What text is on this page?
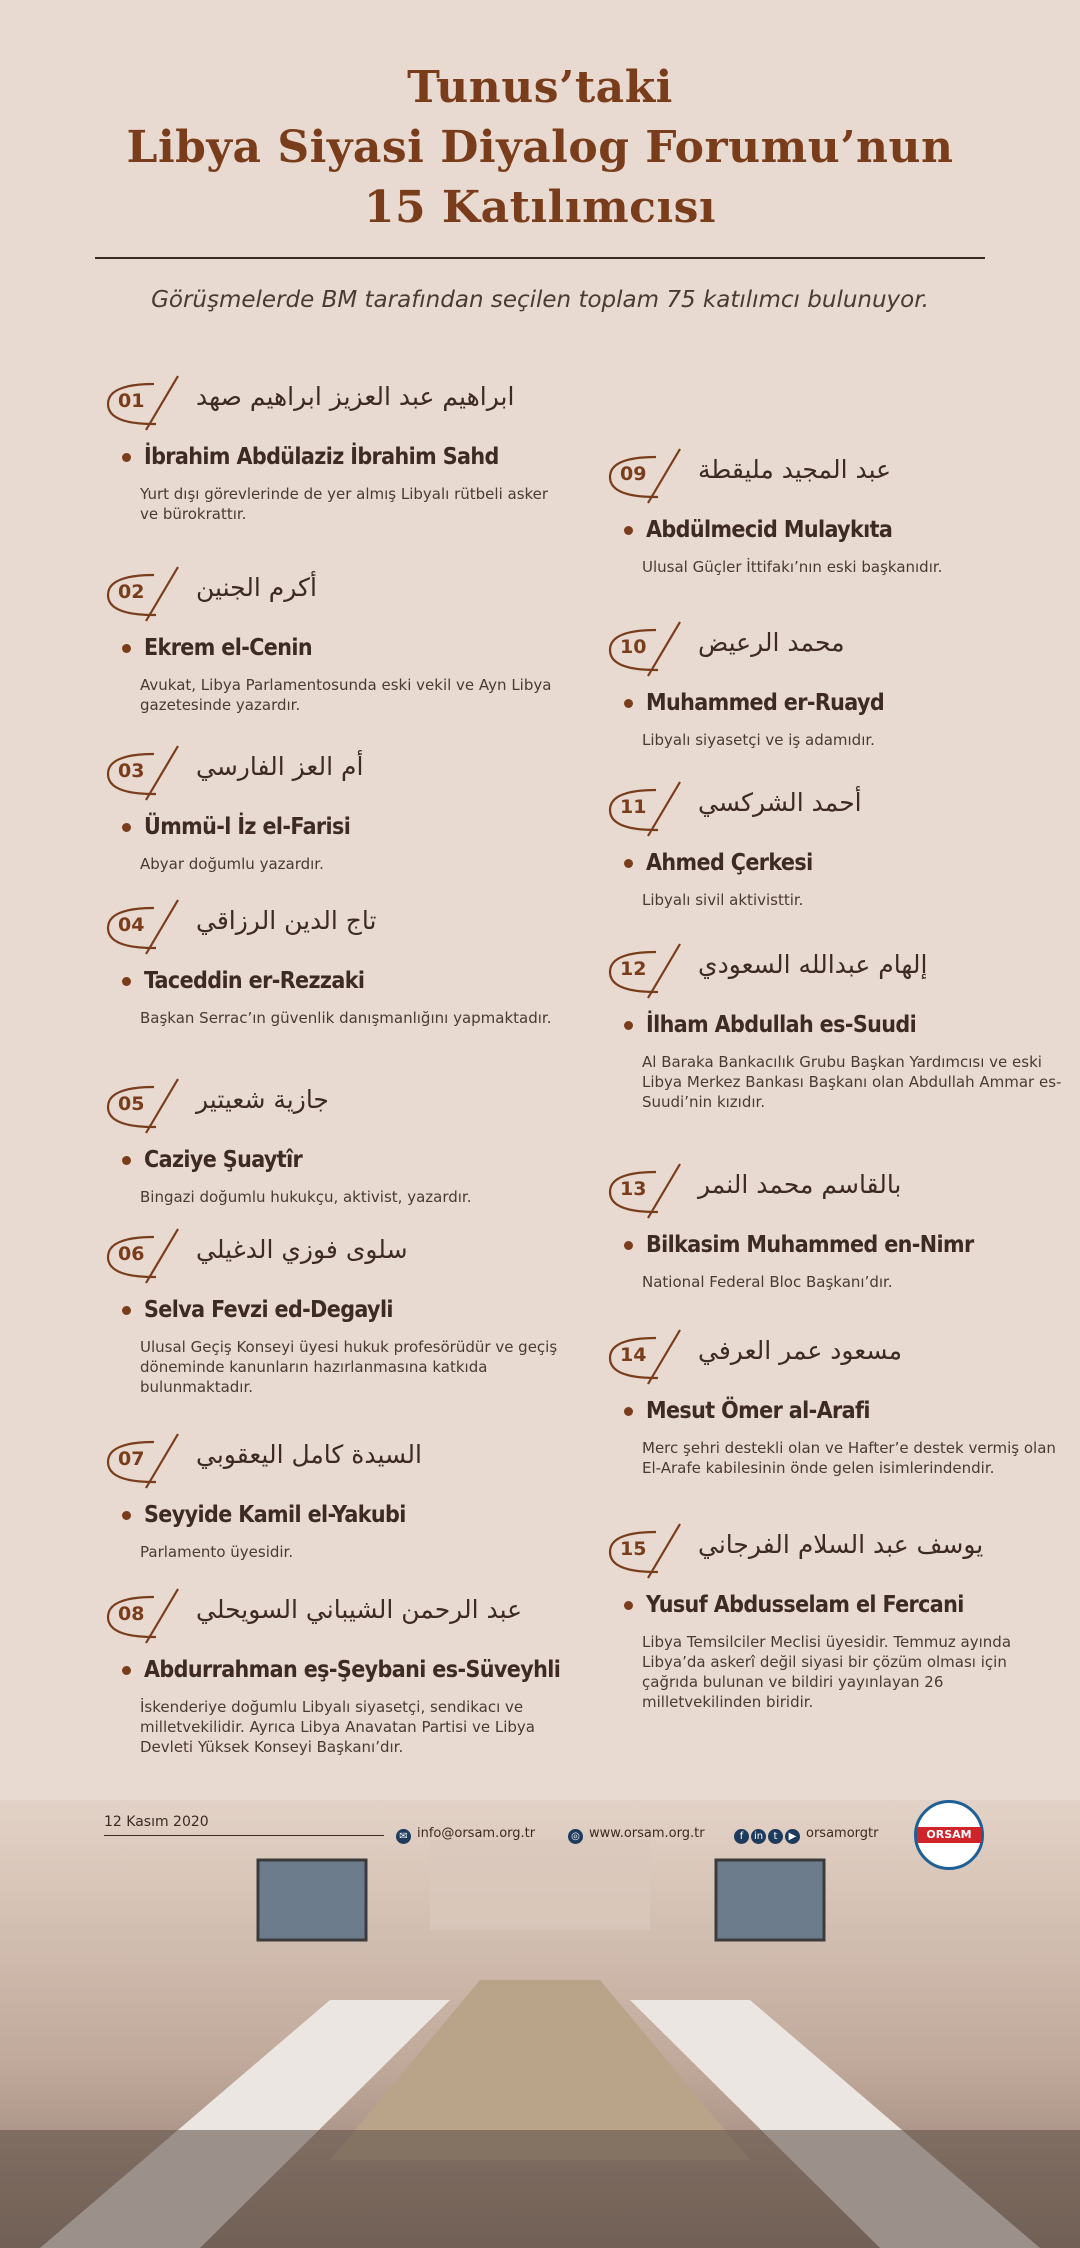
Tunus’taki
Libya Siyasi Diyalog Forumu’nun
15 Katılımcısı
Görüşmelerde BM tarafından seçilen toplam 75 katılımcı bulunuyor.
01 ابراهيم عبد العزيز ابراهيم صهد
İbrahim Abdülaziz İbrahim Sahd
Yurt dışı görevlerinde de yer almış Libyalı rütbeli asker ve bürokrattır.
02 أكرم الجنين
Ekrem el-Cenin
Avukat, Libya Parlamentosunda eski vekil ve Ayn Libya gazetesinde yazardır.
03 أم العز الفارسي
Ümmü-l İz el-Farisi
Abyar doğumlu yazardır.
04 تاج الدين الرزاقي
Taceddin er-Rezzaki
Başkan Serrac’ın güvenlik danışmanlığını yapmaktadır.
05 جازية شعيتير
Caziye Şuaytîr
Bingazi doğumlu hukukçu, aktivist, yazardır.
06 سلوى فوزي الدغيلي
Selva Fevzi ed-Degayli
Ulusal Geçiş Konseyi üyesi hukuk profesörüdür ve geçiş döneminde kanunların hazırlanmasına katkıda bulunmaktadır.
07 السيدة كامل اليعقوبي
Seyyide Kamil el-Yakubi
Parlamento üyesidir.
08 عبد الرحمن الشيباني السويحلي
Abdurrahman eş-Şeybani es-Süveyhli
İskenderiye doğumlu Libyalı siyasetçi, sendikacı ve milletvekilidir. Ayrıca Libya Anavatan Partisi ve Libya Devleti Yüksek Konseyi Başkanı’dır.
09 عبد المجيد مليقطة
Abdülmecid Mulaykıta
Ulusal Güçler İttifakı’nın eski başkanıdır.
10 محمد الرعيض
Muhammed er-Ruayd
Libyalı siyasetçi ve iş adamıdır.
11 أحمد الشركسي
Ahmed Çerkesi
Libyalı sivil aktivisttir.
12 إلهام عبدالله السعودي
İlham Abdullah es-Suudi
Al Baraka Bankacılık Grubu Başkan Yardımcısı ve eski Libya Merkez Bankası Başkanı olan Abdullah Ammar es-Suudi’nin kızıdır.
13 بالقاسم محمد النمر
Bilkasim Muhammed en-Nimr
National Federal Bloc Başkanı’dır.
14 مسعود عمر العرفي
Mesut Ömer al-Arafi
Merc şehri destekli olan ve Hafter’e destek vermiş olan El-Arafe kabilesinin önde gelen isimlerindendir.
15 يوسف عبد السلام الفرجاني
Yusuf Abdusselam el Fercani
Libya Temsilciler Meclisi üyesidir. Temmuz ayında Libya’da askerî değil siyasi bir çözüm olması için çağrıda bulunan ve bildiri yayınlayan 26 milletvekilinden biridir.
12 Kasım 2020
✉ info@orsam.org.tr	◎ www.orsam.org.tr	f in t ▶ orsamorgtr	ORSAM
